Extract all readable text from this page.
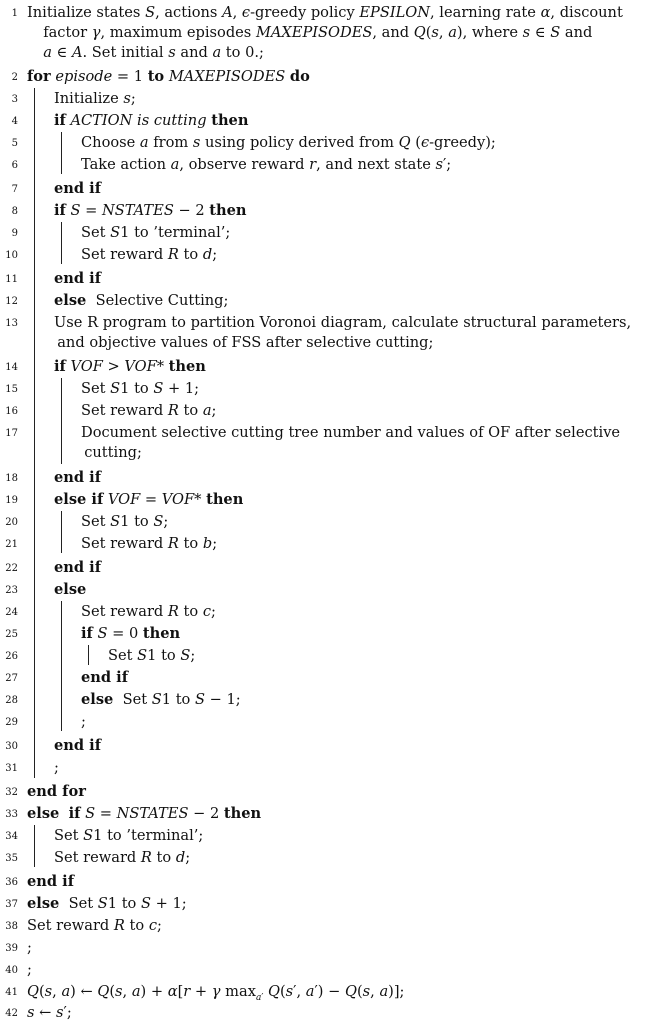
1 Initialize states S, actions A, ϵ-greedy policy EPSILON, learning rate α, discount
factor γ, maximum episodes MAXEPISODES, and Q(s, a), where s ∈ S and
a ∈ A. Set initial s and a to 0.;
2 for episode = 1 to MAXEPISODES do
3 Initialize s;
4 if ACTION is cutting then
5	Choose a from s using policy derived from Q (ϵ-greedy);
6	Take action a, observe reward r, and next state s′;
7 end if
8 if S = NSTATES − 2 then
9	Set S1 to ’terminal’;
10	Set reward R to d;
11 end if
12 else  Selective Cutting;
13 Use R program to partition Voronoi diagram, calculate structural parameters,
and objective values of FSS after selective cutting;
14 if VOF > VOF* then
15	Set S1 to S + 1;
16	Set reward R to a;
17	Document selective cutting tree number and values of OF after selective
cutting;
18 end if
19 else if VOF = VOF* then
20	Set S1 to S;
21	Set reward R to b;
22 end if
23 else
24	Set reward R to c;
25	if S = 0 then
26	Set S1 to S;
27	end if
28	else  Set S1 to S − 1;
29	;
30 end if
31 ;
32 end for
33 else if S = NSTATES − 2 then
34 Set S1 to ’terminal’;
35 Set reward R to d;
36 end if
37 else  Set S1 to S + 1;
38 Set reward R to c;
39 ;
40 ;
41 Q(s, a) ← Q(s, a) + α[r + γ $\max_{a'} Q(s'$, a′) − Q(s, a)];
42 s ← s′;
